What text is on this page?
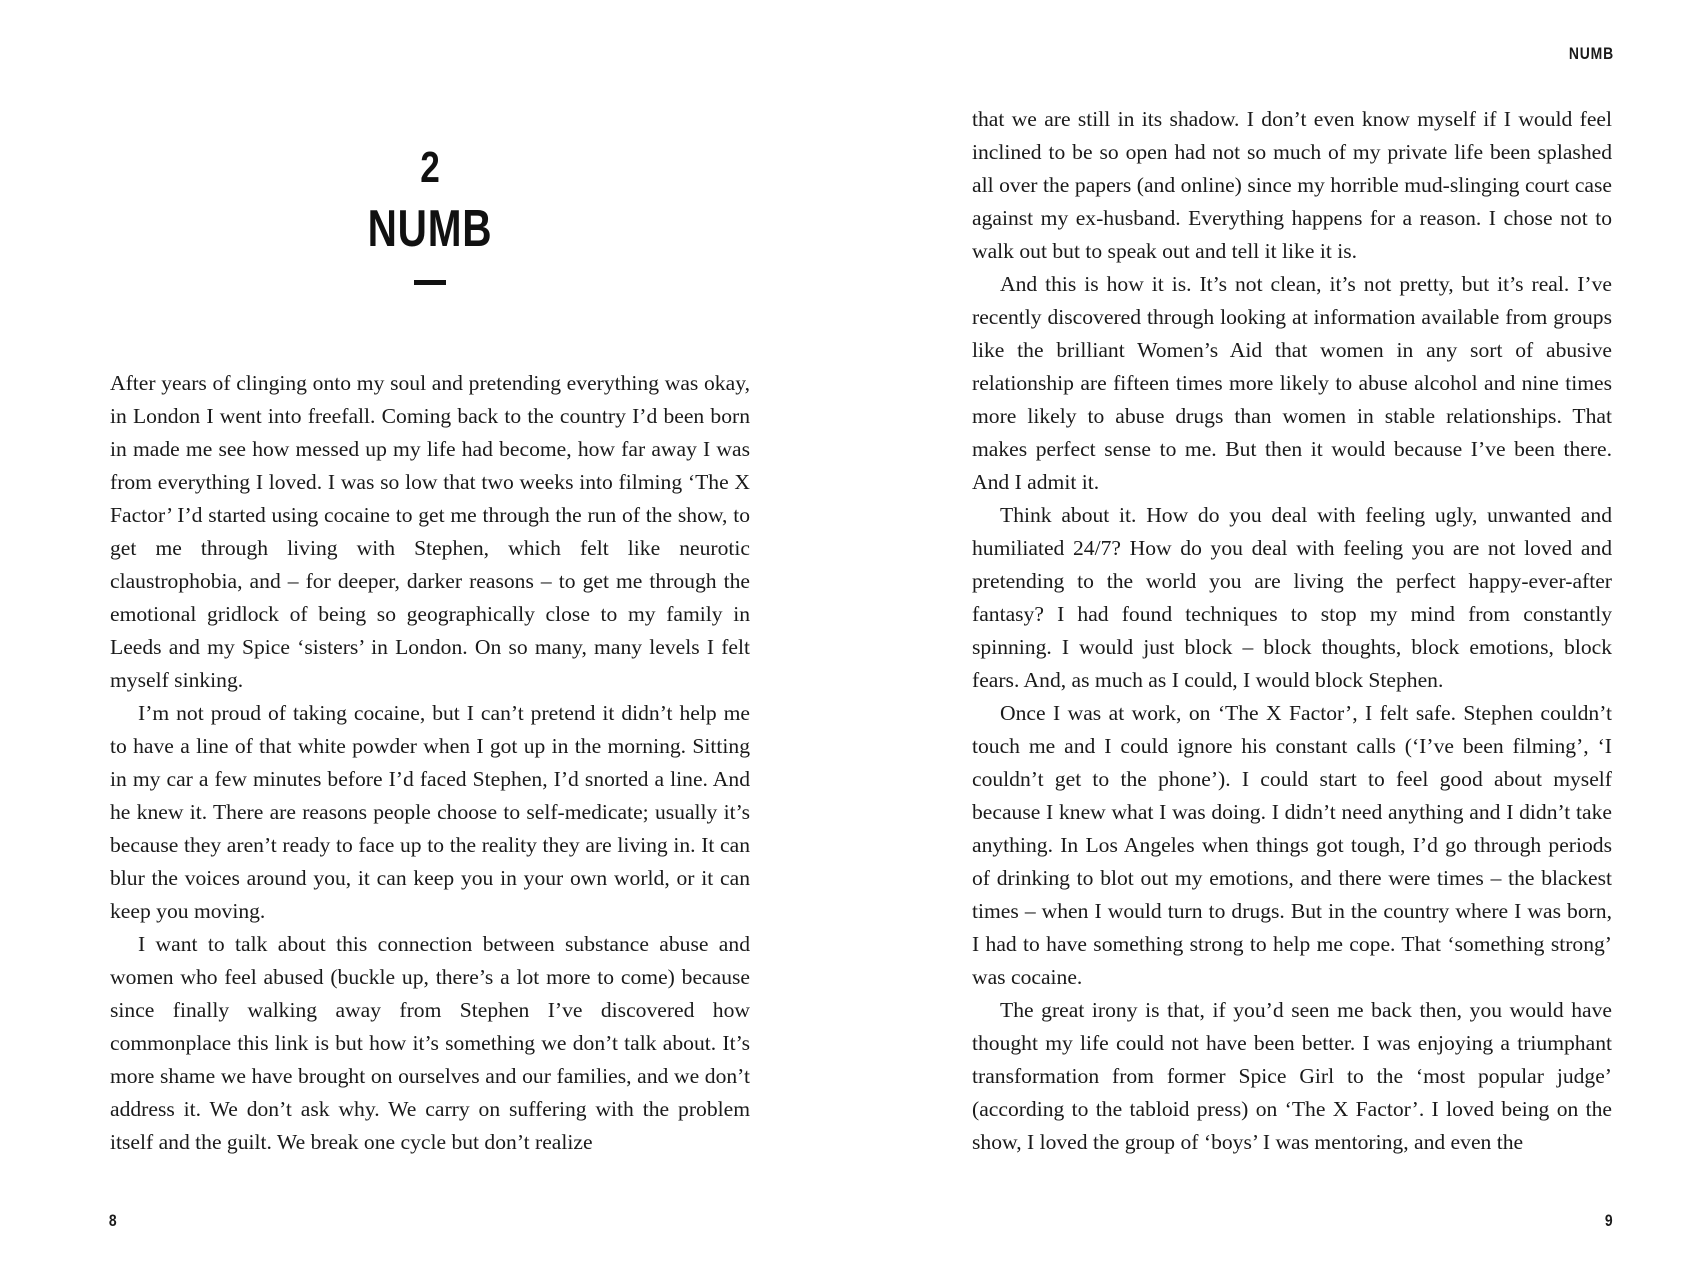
2
NUMB

After years of clinging onto my soul and pretending everything was okay, in London I went into freefall. Coming back to the country I’d been born in made me see how messed up my life had become, how far away I was from everything I loved. I was so low that two weeks into filming ‘The X Factor’ I’d started using cocaine to get me through the run of the show, to get me through living with Stephen, which felt like neurotic claustrophobia, and – for deeper, darker reasons – to get me through the emotional gridlock of being so geographically close to my family in Leeds and my Spice ‘sisters’ in London. On so many, many levels I felt myself sinking.

I’m not proud of taking cocaine, but I can’t pretend it didn’t help me to have a line of that white powder when I got up in the morning. Sitting in my car a few minutes before I’d faced Stephen, I’d snorted a line. And he knew it. There are reasons people choose to self-medicate; usually it’s because they aren’t ready to face up to the reality they are living in. It can blur the voices around you, it can keep you in your own world, or it can keep you moving.

I want to talk about this connection between substance abuse and women who feel abused (buckle up, there’s a lot more to come) because since finally walking away from Stephen I’ve discovered how commonplace this link is but how it’s something we don’t talk about. It’s more shame we have brought on ourselves and our families, and we don’t address it. We don’t ask why. We carry on suffering with the problem itself and the guilt. We break one cycle but don’t realize

8
NUMB

that we are still in its shadow. I don’t even know myself if I would feel inclined to be so open had not so much of my private life been splashed all over the papers (and online) since my horrible mud-slinging court case against my ex-husband. Everything happens for a reason. I chose not to walk out but to speak out and tell it like it is.

And this is how it is. It’s not clean, it’s not pretty, but it’s real. I’ve recently discovered through looking at information available from groups like the brilliant Women’s Aid that women in any sort of abusive relationship are fifteen times more likely to abuse alcohol and nine times more likely to abuse drugs than women in stable relationships. That makes perfect sense to me. But then it would because I’ve been there. And I admit it.

Think about it. How do you deal with feeling ugly, unwanted and humiliated 24/7? How do you deal with feeling you are not loved and pretending to the world you are living the perfect happy-ever-after fantasy? I had found techniques to stop my mind from constantly spinning. I would just block – block thoughts, block emotions, block fears. And, as much as I could, I would block Stephen.

Once I was at work, on ‘The X Factor’, I felt safe. Stephen couldn’t touch me and I could ignore his constant calls (‘I’ve been filming’, ‘I couldn’t get to the phone’). I could start to feel good about myself because I knew what I was doing. I didn’t need anything and I didn’t take anything. In Los Angeles when things got tough, I’d go through periods of drinking to blot out my emotions, and there were times – the blackest times – when I would turn to drugs. But in the country where I was born, I had to have something strong to help me cope. That ‘something strong’ was cocaine.

The great irony is that, if you’d seen me back then, you would have thought my life could not have been better. I was enjoying a triumphant transformation from former Spice Girl to the ‘most popular judge’ (according to the tabloid press) on ‘The X Factor’. I loved being on the show, I loved the group of ‘boys’ I was mentoring, and even the

9
